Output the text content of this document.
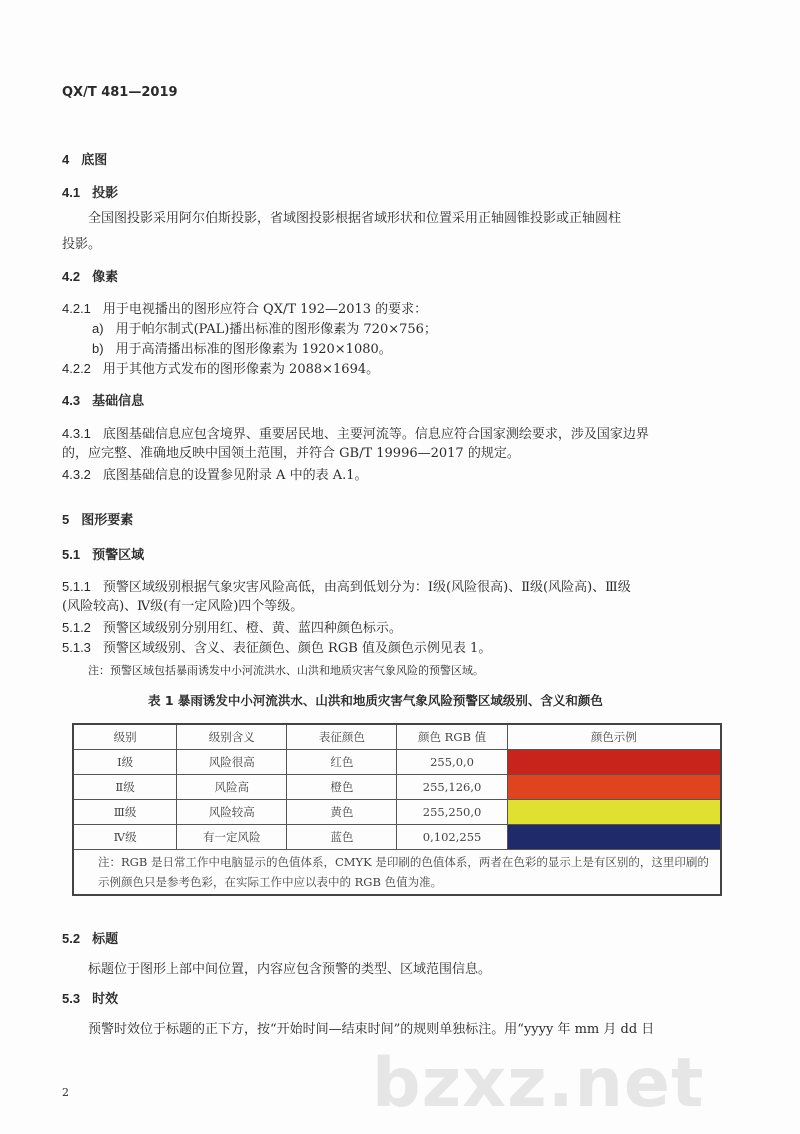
QX/T 481—2019
4 底图
4.1 投影
全国图投影采用阿尔伯斯投影，省域图投影根据省域形状和位置采用正轴圆锥投影或正轴圆柱
投影。
4.2 像素
4.2.1 用于电视播出的图形应符合 QX/T 192—2013 的要求：
a) 用于帕尔制式(PAL)播出标准的图形像素为 720×756；
b) 用于高清播出标准的图形像素为 1920×1080。
4.2.2 用于其他方式发布的图形像素为 2088×1694。
4.3 基础信息
4.3.1 底图基础信息应包含境界、重要居民地、主要河流等。信息应符合国家测绘要求，涉及国家边界
的，应完整、准确地反映中国领土范围，并符合 GB/T 19996—2017 的规定。
4.3.2 底图基础信息的设置参见附录 A 中的表 A.1。
5 图形要素
5.1 预警区域
5.1.1 预警区域级别根据气象灾害风险高低，由高到低划分为：Ⅰ级(风险很高)、Ⅱ级(风险高)、Ⅲ级
(风险较高)、Ⅳ级(有一定风险)四个等级。
5.1.2 预警区域级别分别用红、橙、黄、蓝四种颜色标示。
5.1.3 预警区域级别、含义、表征颜色、颜色 RGB 值及颜色示例见表 1。
注：预警区域包括暴雨诱发中小河流洪水、山洪和地质灾害气象风险的预警区域。
表 1 暴雨诱发中小河流洪水、山洪和地质灾害气象风险预警区域级别、含义和颜色
级别	级别含义	表征颜色	颜色 RGB 值	颜色示例
Ⅰ级	风险很高	红色	255,0,0	
Ⅱ级	风险高	橙色	255,126,0	
Ⅲ级	风险较高	黄色	255,250,0	
Ⅳ级	有一定风险	蓝色	0,102,255	
注：RGB 是日常工作中电脑显示的色值体系，CMYK 是印刷的色值体系，两者在色彩的显示上是有区别的，这里印刷的示例颜色只是参考色彩，在实际工作中应以表中的 RGB 色值为准。				
5.2 标题
标题位于图形上部中间位置，内容应包含预警的类型、区域范围信息。
5.3 时效
预警时效位于标题的正下方，按“开始时间—结束时间”的规则单独标注。用“yyyy 年 mm 月 dd 日
bzxz.net
2
